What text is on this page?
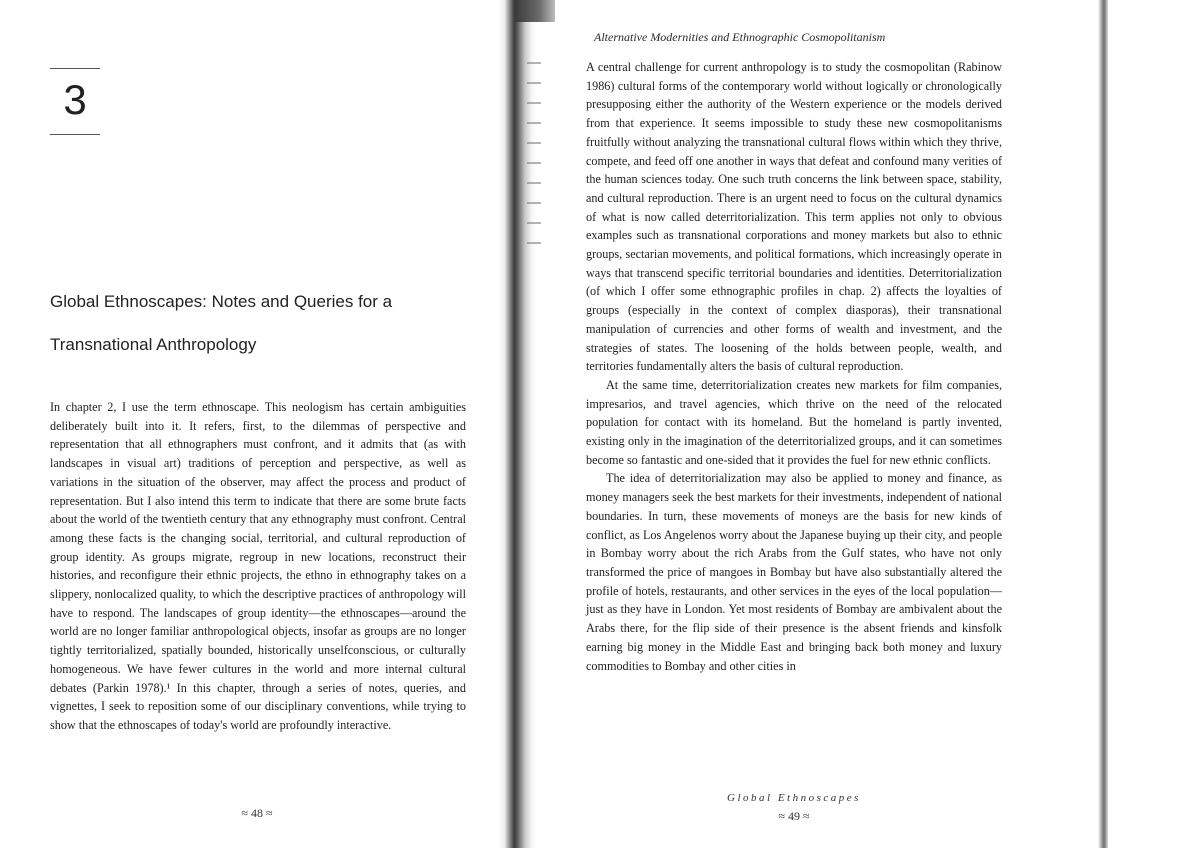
3
Global Ethnoscapes: Notes and Queries for a
Transnational Anthropology

In chapter 2, I use the term ethnoscape. This neologism has certain ambiguities deliberately built into it. It refers, first, to the dilemmas of perspective and representation that all ethnographers must confront, and it admits that (as with landscapes in visual art) traditions of perception and perspective, as well as variations in the situation of the observer, may affect the process and product of representation. But I also intend this term to indicate that there are some brute facts about the world of the twentieth century that any ethnography must confront. Central among these facts is the changing social, territorial, and cultural reproduction of group identity. As groups migrate, regroup in new locations, reconstruct their histories, and reconfigure their ethnic projects, the ethno in ethnography takes on a slippery, nonlocalized quality, to which the descriptive practices of anthropology will have to respond. The landscapes of group identity—the ethnoscapes—around the world are no longer familiar anthropological objects, insofar as groups are no longer tightly territorialized, spatially bounded, historically unselfconscious, or culturally homogeneous. We have fewer cultures in the world and more internal cultural debates (Parkin 1978).¹ In this chapter, through a series of notes, queries, and vignettes, I seek to reposition some of our disciplinary conventions, while trying to show that the ethnoscapes of today's world are profoundly interactive.

≈ 48 ≈

Alternative Modernities and Ethnographic Cosmopolitanism

A central challenge for current anthropology is to study the cosmopolitan (Rabinow 1986) cultural forms of the contemporary world without logically or chronologically presupposing either the authority of the Western experience or the models derived from that experience. It seems impossible to study these new cosmopolitanisms fruitfully without analyzing the transnational cultural flows within which they thrive, compete, and feed off one another in ways that defeat and confound many verities of the human sciences today. One such truth concerns the link between space, stability, and cultural reproduction. There is an urgent need to focus on the cultural dynamics of what is now called deterritorialization. This term applies not only to obvious examples such as transnational corporations and money markets but also to ethnic groups, sectarian movements, and political formations, which increasingly operate in ways that transcend specific territorial boundaries and identities. Deterritorialization (of which I offer some ethnographic profiles in chap. 2) affects the loyalties of groups (especially in the context of complex diasporas), their transnational manipulation of currencies and other forms of wealth and investment, and the strategies of states. The loosening of the holds between people, wealth, and territories fundamentally alters the basis of cultural reproduction.

At the same time, deterritorialization creates new markets for film companies, impresarios, and travel agencies, which thrive on the need of the relocated population for contact with its homeland. But the homeland is partly invented, existing only in the imagination of the deterritorialized groups, and it can sometimes become so fantastic and one-sided that it provides the fuel for new ethnic conflicts.

The idea of deterritorialization may also be applied to money and finance, as money managers seek the best markets for their investments, independent of national boundaries. In turn, these movements of moneys are the basis for new kinds of conflict, as Los Angelenos worry about the Japanese buying up their city, and people in Bombay worry about the rich Arabs from the Gulf states, who have not only transformed the price of mangoes in Bombay but have also substantially altered the profile of hotels, restaurants, and other services in the eyes of the local population—just as they have in London. Yet most residents of Bombay are ambivalent about the Arabs there, for the flip side of their presence is the absent friends and kinsfolk earning big money in the Middle East and bringing back both money and luxury commodities to Bombay and other cities in

Global Ethnoscapes

≈ 49 ≈
